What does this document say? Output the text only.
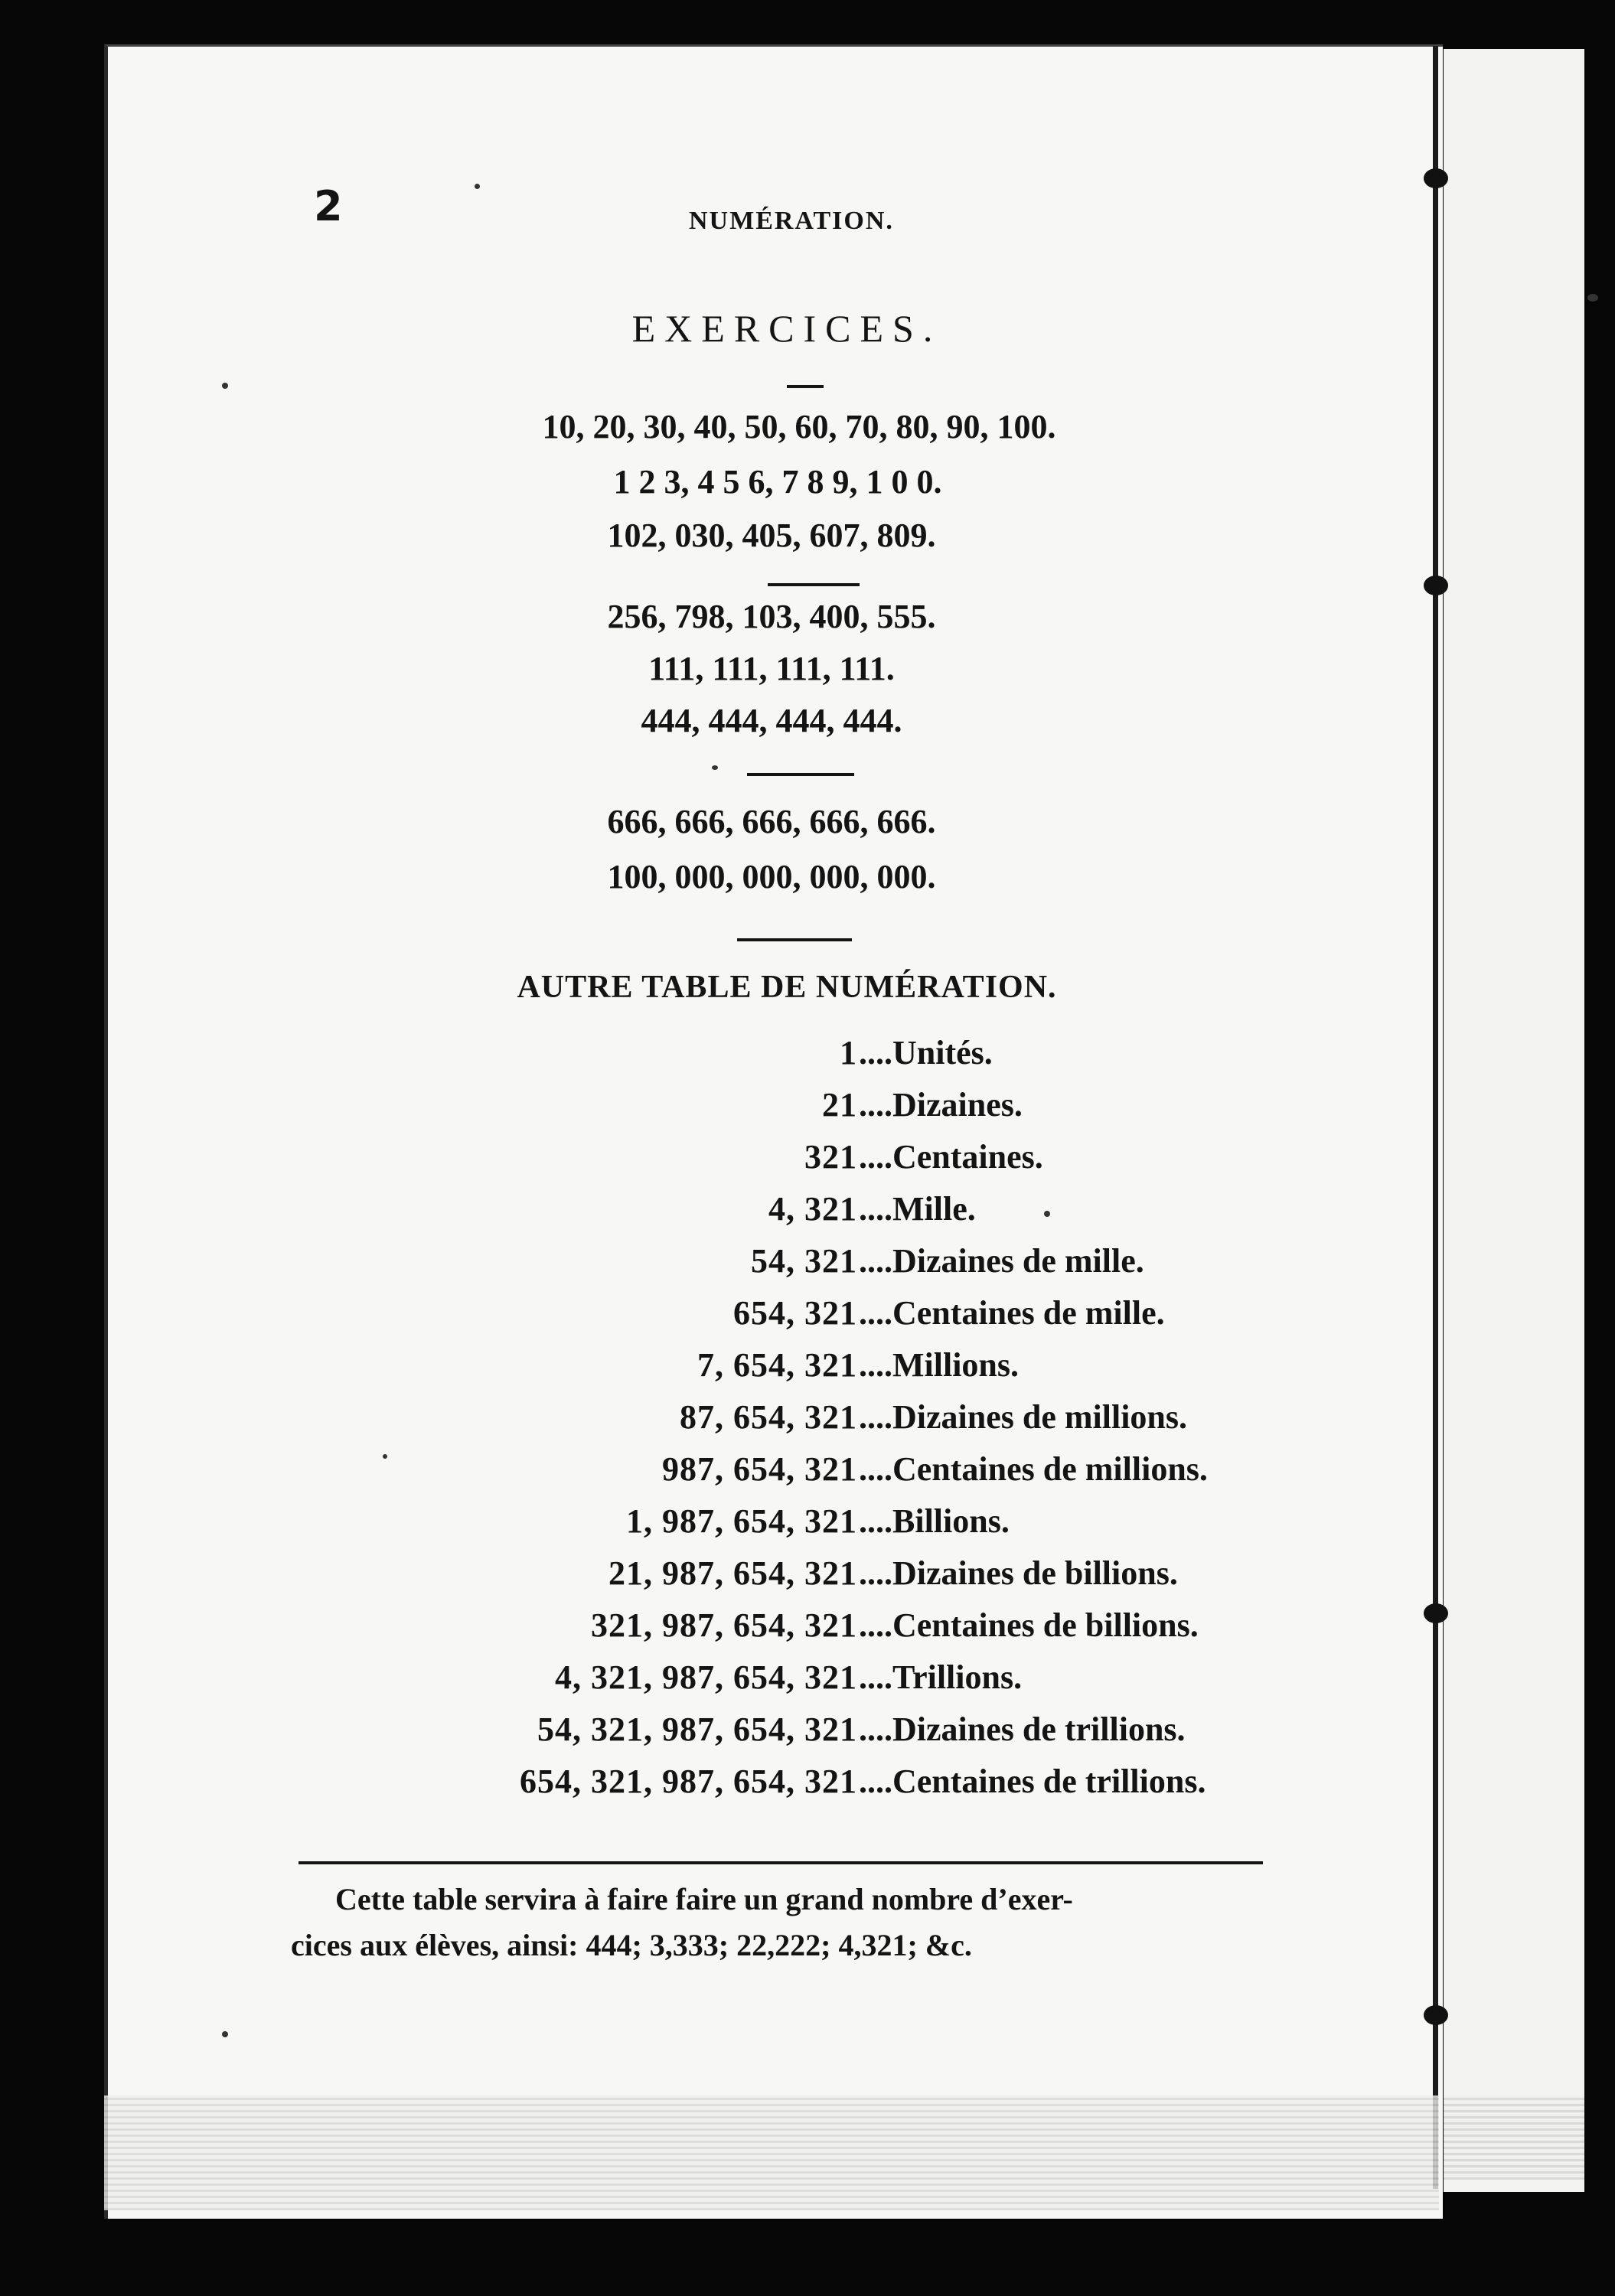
2	NUMÉRATION.
EXERCICES.
10, 20, 30, 40, 50, 60, 70, 80, 90, 100.
1 2 3, 4 5 6, 7 8 9, 1 0 0.
102, 030, 405, 607, 809.
256, 798, 103, 400, 555.
111, 111, 111, 111.
444, 444, 444, 444.
666, 666, 666, 666, 666.
100, 000, 000, 000, 000.
AUTRE TABLE DE NUMÉRATION.
1 ....Unités.
21 ....Dizaines.
321 ....Centaines.
4, 321 ....Mille.
54, 321 ....Dizaines de mille.
654, 321 ....Centaines de mille.
7, 654, 321 ....Millions.
87, 654, 321 ....Dizaines de millions.
987, 654, 321 ....Centaines de millions.
1, 987, 654, 321 ....Billions.
21, 987, 654, 321 ....Dizaines de billions.
321, 987, 654, 321 ....Centaines de billions.
4, 321, 987, 654, 321 ....Trillions.
54, 321, 987, 654, 321 ....Dizaines de trillions.
654, 321, 987, 654, 321 ....Centaines de trillions.
Cette table servira à faire faire un grand nombre d’exer-
cices aux élèves, ainsi: 444; 3,333; 22,222; 4,321; &c.
